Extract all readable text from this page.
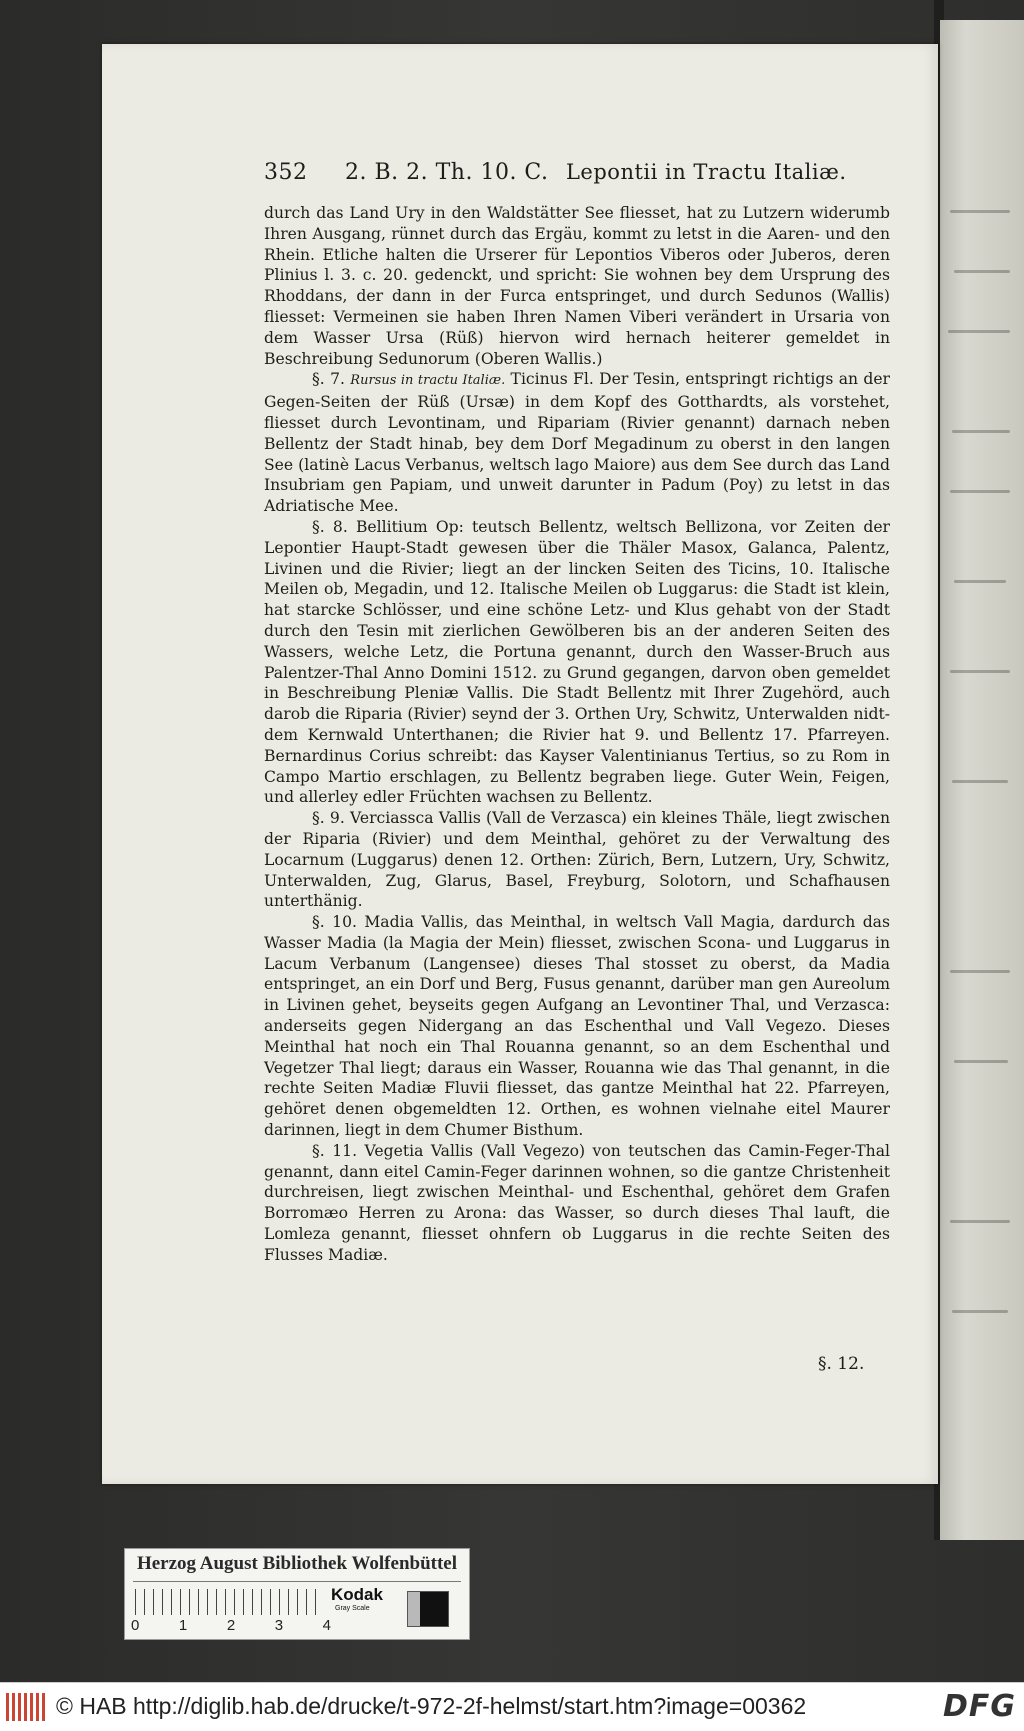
352 2. B. 2. Th. 10. C. Lepontii in Tractu Italiæ.

durch das Land Ury in den Waldstätter See fliesset, hat zu Lutzern widerumb Ihren Ausgang, rünnet durch das Ergäu, kommt zu letst in die Aaren- und den Rhein. Etliche halten die Urserer für Lepontios Viberos oder Juberos, deren Plinius l. 3. c. 20. gedenckt, und spricht: Sie wohnen bey dem Ursprung des Rhoddans, der dann in der Furca entspringet, und durch Sedunos (Wallis) fliesset: Vermeinen sie haben Ihren Namen Viberi verändert in Ursaria von dem Wasser Ursa (Rüß) hiervon wird hernach heiterer gemeldet in Beschreibung Sedunorum (Oberen Wallis.)

§. 7. Rursus in tractu Italiæ. Ticinus Fl. Der Tesin, entspringt richtigs an der Gegen-Seiten der Rüß (Ursæ) in dem Kopf des Gotthardts, als vorstehet, fliesset durch Levontinam, und Ripariam (Rivier genannt) darnach neben Bellentz der Stadt hinab, bey dem Dorf Megadinum zu oberst in den langen See (latinè Lacus Verbanus, weltsch lago Maiore) aus dem See durch das Land Insubriam gen Papiam, und unweit darunter in Padum (Poy) zu letst in das Adriatische Mee.

§. 8. Bellitium Op: teutsch Bellentz, weltsch Bellizona, vor Zeiten der Lepontier Haupt-Stadt gewesen über die Thäler Masox, Galanca, Palentz, Livinen und die Rivier; liegt an der lincken Seiten des Ticins, 10. Italische Meilen ob, Megadin, und 12. Italische Meilen ob Luggarus: die Stadt ist klein, hat starcke Schlösser, und eine schöne Letz- und Klus gehabt von der Stadt durch den Tesin mit zierlichen Gewölberen bis an der anderen Seiten des Wassers, welche Letz, die Portuna genannt, durch den Wasser-Bruch aus Palentzer-Thal Anno Domini 1512. zu Grund gegangen, darvon oben gemeldet in Beschreibung Pleniæ Vallis. Die Stadt Bellentz mit Ihrer Zugehörd, auch darob die Riparia (Rivier) seynd der 3. Orthen Ury, Schwitz, Unterwalden nidt- dem Kernwald Unterthanen; die Rivier hat 9. und Bellentz 17. Pfarreyen. Bernardinus Corius schreibt: das Kayser Valentinianus Tertius, so zu Rom in Campo Martio erschlagen, zu Bellentz begraben liege. Guter Wein, Feigen, und allerley edler Früchten wachsen zu Bellentz.

§. 9. Verciassca Vallis (Vall de Verzasca) ein kleines Thäle, liegt zwischen der Riparia (Rivier) und dem Meinthal, gehöret zu der Verwaltung des Locarnum (Luggarus) denen 12. Orthen: Zürich, Bern, Lutzern, Ury, Schwitz, Unterwalden, Zug, Glarus, Basel, Freyburg, Solotorn, und Schafhausen unterthänig.

§. 10. Madia Vallis, das Meinthal, in weltsch Vall Magia, dardurch das Wasser Madia (la Magia der Mein) fliesset, zwischen Scona- und Luggarus in Lacum Verbanum (Langensee) dieses Thal stosset zu oberst, da Madia entspringet, an ein Dorf und Berg, Fusus genannt, darüber man gen Aureolum in Livinen gehet, beyseits gegen Aufgang an Levontiner Thal, und Verzasca: anderseits gegen Nidergang an das Eschenthal und Vall Vegezo. Dieses Meinthal hat noch ein Thal Rouanna genannt, so an dem Eschenthal und Vegetzer Thal liegt; daraus ein Wasser, Rouanna wie das Thal genannt, in die rechte Seiten Madiæ Fluvii fliesset, das gantze Meinthal hat 22. Pfarreyen, gehöret denen obgemeldten 12. Orthen, es wohnen vielnahe eitel Maurer darinnen, liegt in dem Chumer Bisthum.

§. 11. Vegetia Vallis (Vall Vegezo) von teutschen das Camin-Feger-Thal genannt, dann eitel Camin-Feger darinnen wohnen, so die gantze Christenheit durchreisen, liegt zwischen Meinthal- und Eschenthal, gehöret dem Grafen Borromæo Herren zu Arona: das Wasser, so durch dieses Thal lauft, die Lomleza genannt, fliesset ohnfern ob Luggarus in die rechte Seiten des Flusses Madiæ.

§. 12.
Herzog August Bibliothek Wolfenbüttel
0	1	2	3	4
Kodak
Gray Scale
© HAB http://diglib.hab.de/drucke/t-972-2f-helmst/start.htm?image=00362	DFG
